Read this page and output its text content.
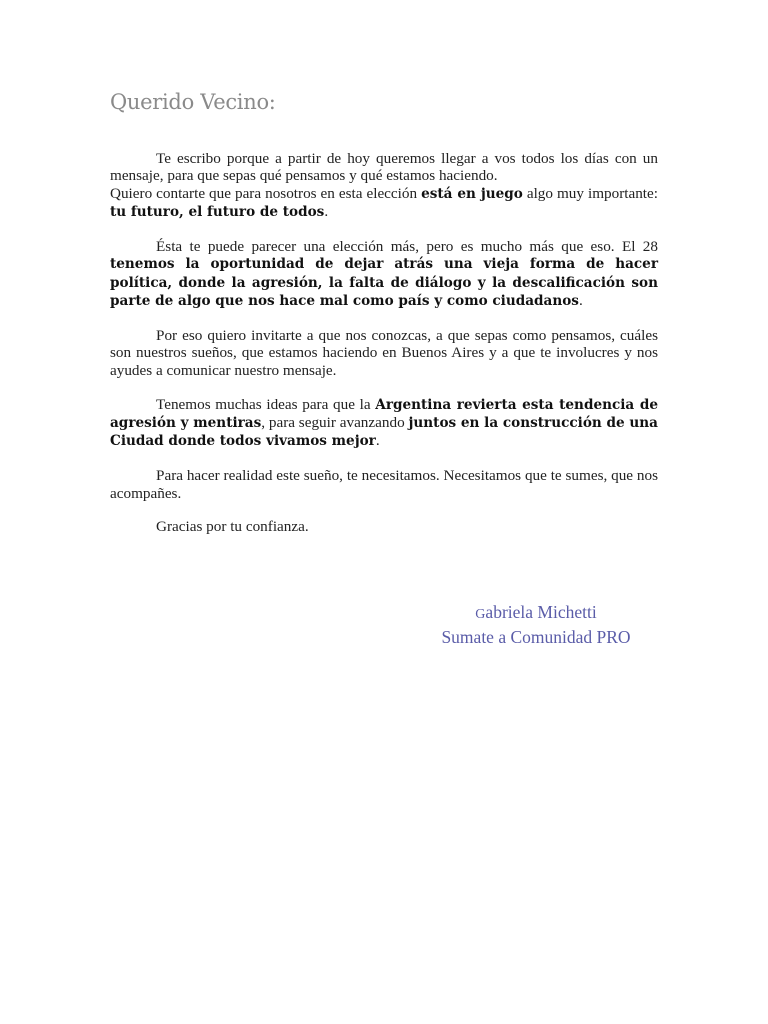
Querido Vecino:

Te escribo porque a partir de hoy queremos llegar a vos todos los días con un mensaje, para que sepas qué pensamos y qué estamos haciendo.
Quiero contarte que para nosotros en esta elección está en juego algo muy importante: tu futuro, el futuro de todos.

Ésta te puede parecer una elección más, pero es mucho más que eso. El 28 tenemos la oportunidad de dejar atrás una vieja forma de hacer política, donde la agresión, la falta de diálogo y la descalificación son parte de algo que nos hace mal como país y como ciudadanos.

Por eso quiero invitarte a que nos conozcas, a que sepas como pensamos, cuáles son nuestros sueños, que estamos haciendo en Buenos Aires y a que te involucres y nos ayudes a comunicar nuestro mensaje.

Tenemos muchas ideas para que la Argentina revierta esta tendencia de agresión y mentiras, para seguir avanzando juntos en la construcción de una Ciudad donde todos vivamos mejor.

Para hacer realidad este sueño, te necesitamos. Necesitamos que te sumes, que nos acompañes.

Gracias por tu confianza.

Gabriela Michetti
Sumate a Comunidad PRO
